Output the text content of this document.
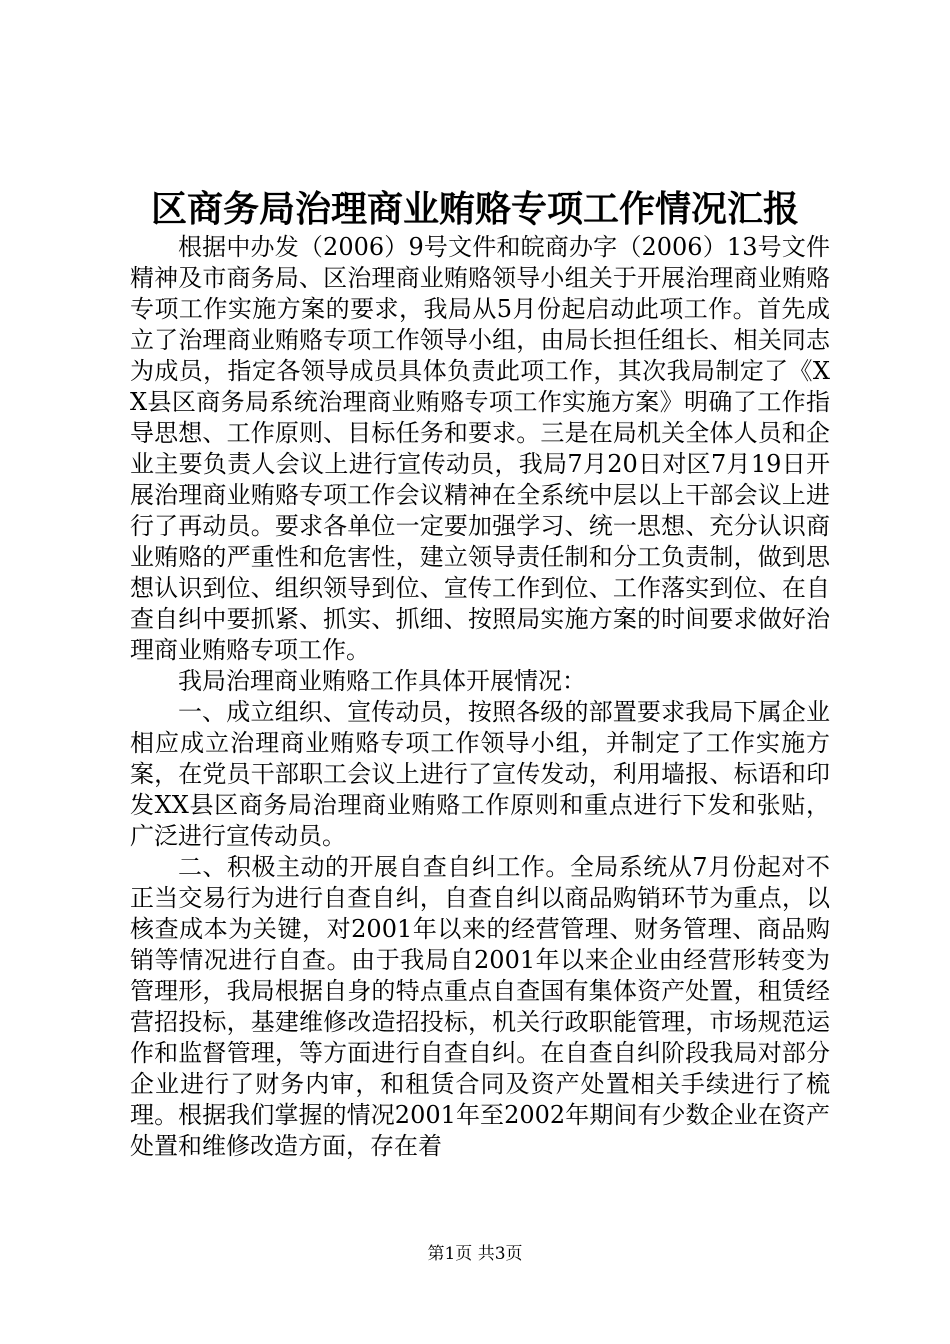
区商务局治理商业贿赂专项工作情况汇报

根据中办发（2006）9号文件和皖商办字（2006）13号文件精神及市商务局、区治理商业贿赂领导小组关于开展治理商业贿赂专项工作实施方案的要求，我局从5月份起启动此项工作。首先成立了治理商业贿赂专项工作领导小组，由局长担任组长、相关同志为成员，指定各领导成员具体负责此项工作，其次我局制定了《XX县区商务局系统治理商业贿赂专项工作实施方案》明确了工作指导思想、工作原则、目标任务和要求。三是在局机关全体人员和企业主要负责人会议上进行宣传动员，我局7月20日对区7月19日开展治理商业贿赂专项工作会议精神在全系统中层以上干部会议上进行了再动员。要求各单位一定要加强学习、统一思想、充分认识商业贿赂的严重性和危害性，建立领导责任制和分工负责制，做到思想认识到位、组织领导到位、宣传工作到位、工作落实到位、在自查自纠中要抓紧、抓实、抓细、按照局实施方案的时间要求做好治理商业贿赂专项工作。

我局治理商业贿赂工作具体开展情况：

一、成立组织、宣传动员，按照各级的部置要求我局下属企业相应成立治理商业贿赂专项工作领导小组，并制定了工作实施方案，在党员干部职工会议上进行了宣传发动，利用墙报、标语和印发XX县区商务局治理商业贿赂工作原则和重点进行下发和张贴，广泛进行宣传动员。

二、积极主动的开展自查自纠工作。全局系统从7月份起对不正当交易行为进行自查自纠，自查自纠以商品购销环节为重点，以核查成本为关键，对2001年以来的经营管理、财务管理、商品购销等情况进行自查。由于我局自2001年以来企业由经营形转变为管理形，我局根据自身的特点重点自查国有集体资产处置，租赁经营招投标，基建维修改造招投标，机关行政职能管理，市场规范运作和监督管理，等方面进行自查自纠。在自查自纠阶段我局对部分企业进行了财务内审，和租赁合同及资产处置相关手续进行了梳理。根据我们掌握的情况2001年至2002年期间有少数企业在资产处置和维修改造方面，存在着

第1页 共3页
